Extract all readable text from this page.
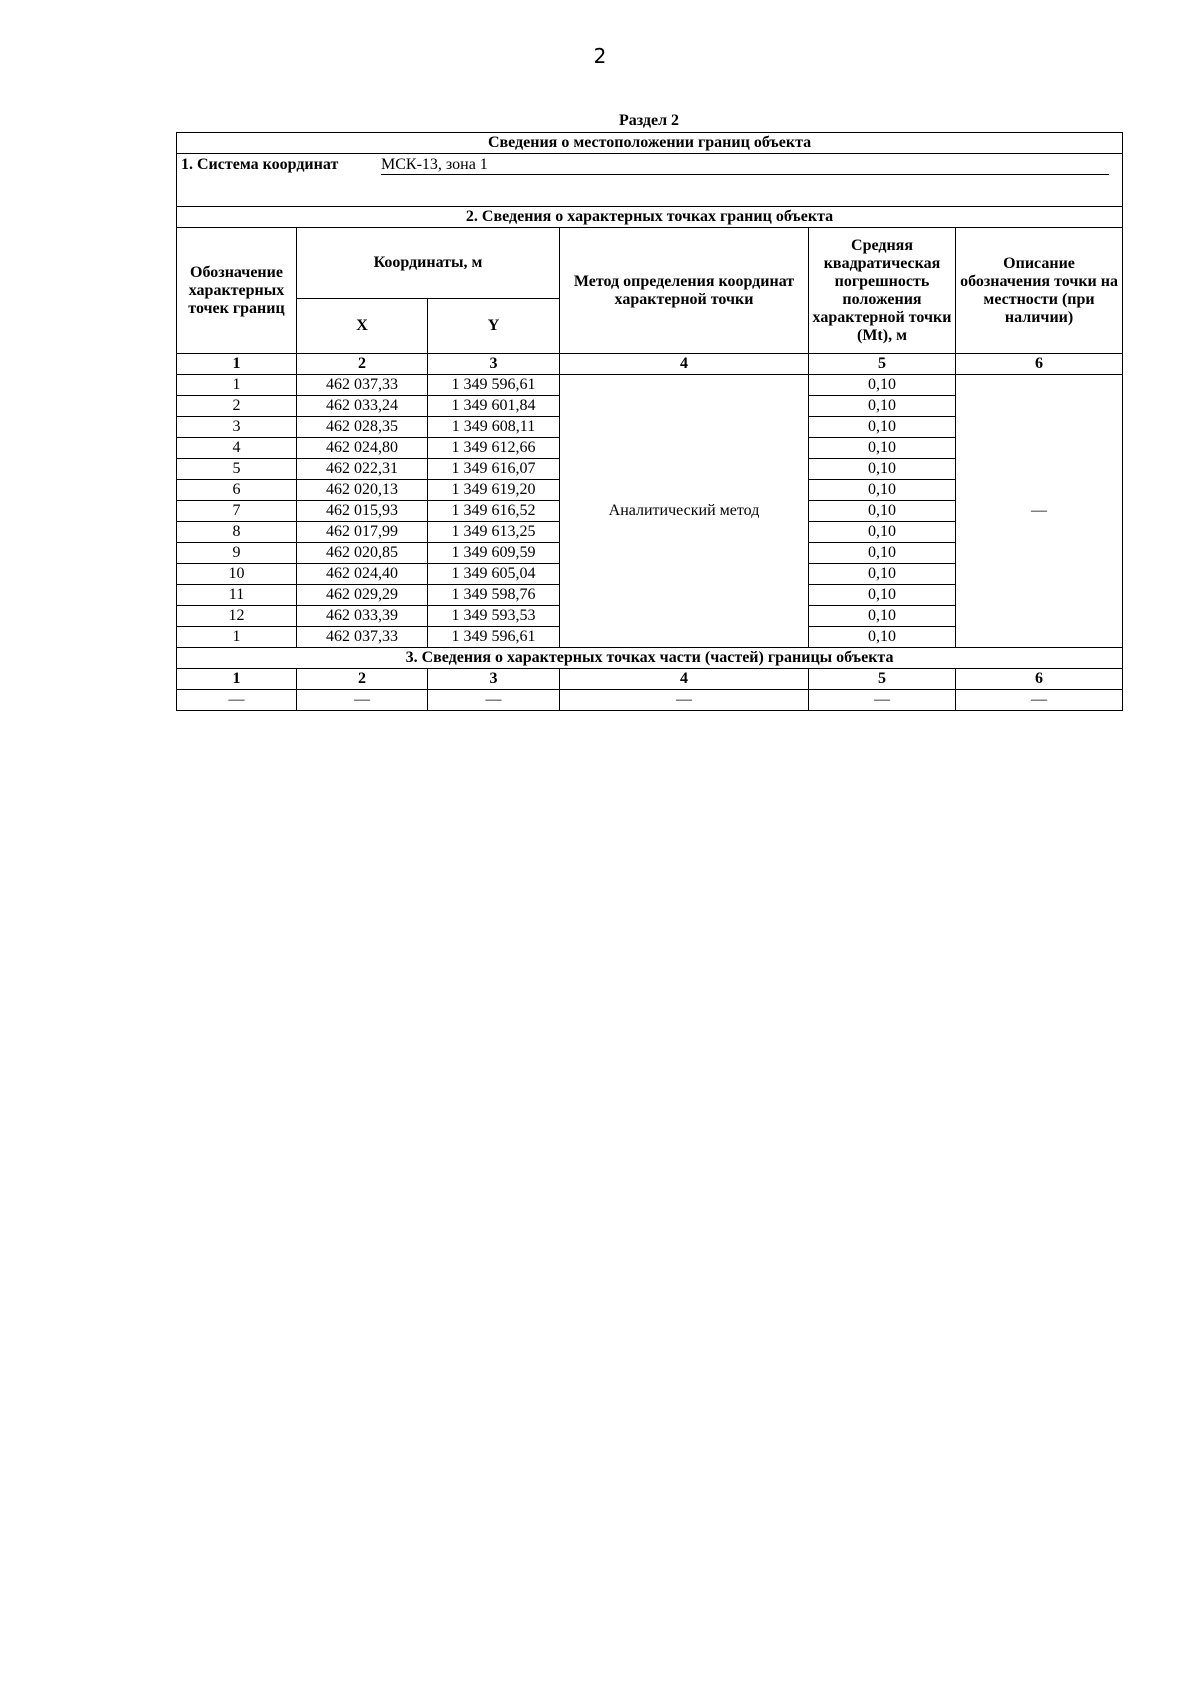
2
Раздел 2
Сведения о местоположении границ объекта					
1. Система координат МСК-13, зона 1					
2. Сведения о характерных точках границ объекта					
Обозначение характерных точек границ	Координаты, м		Метод определения координат характерной точки	Средняя квадратическая погрешность положения характерной точки (Mt), м	Описание обозначения точки на местности (при наличии)
	X	Y			
1	2	3	4	5	6
1	462 037,33	1 349 596,61	Аналитический метод	0,10	—
2	462 033,24	1 349 601,84		0,10	
3	462 028,35	1 349 608,11		0,10	
4	462 024,80	1 349 612,66		0,10	
5	462 022,31	1 349 616,07		0,10	
6	462 020,13	1 349 619,20		0,10	
7	462 015,93	1 349 616,52		0,10	
8	462 017,99	1 349 613,25		0,10	
9	462 020,85	1 349 609,59		0,10	
10	462 024,40	1 349 605,04		0,10	
11	462 029,29	1 349 598,76		0,10	
12	462 033,39	1 349 593,53		0,10	
1	462 037,33	1 349 596,61		0,10	
3. Сведения о характерных точках части (частей) границы объекта					
1	2	3	4	5	6
—	—	—	—	—	—
